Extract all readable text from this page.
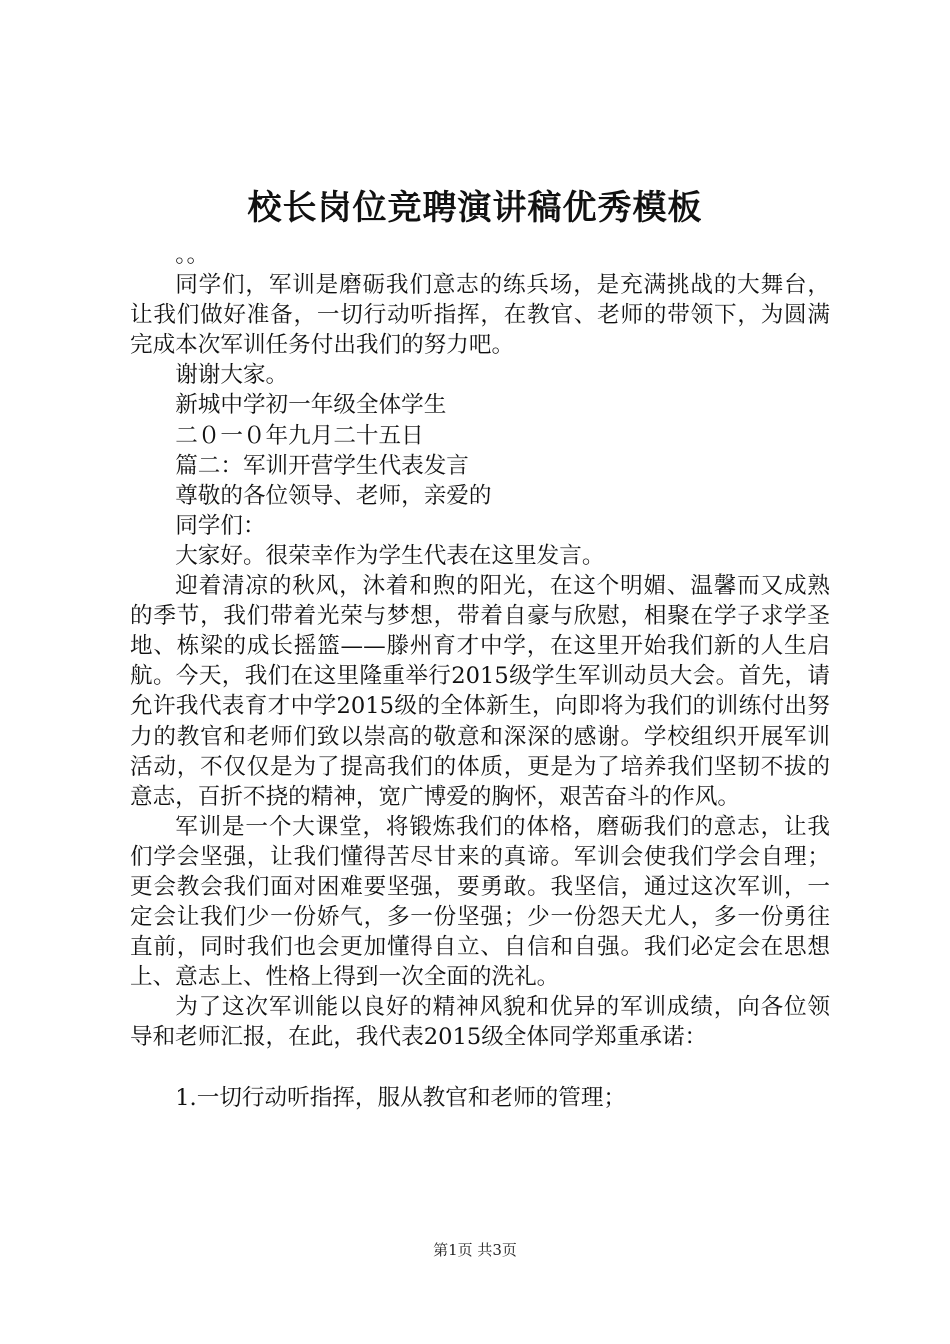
校长岗位竞聘演讲稿优秀模板

。。

同学们，军训是磨砺我们意志的练兵场，是充满挑战的大舞台，让我们做好准备，一切行动听指挥，在教官、老师的带领下，为圆满完成本次军训任务付出我们的努力吧。

谢谢大家。

新城中学初一年级全体学生

二０一０年九月二十五日

篇二：军训开营学生代表发言

尊敬的各位领导、老师，亲爱的

同学们：

大家好。很荣幸作为学生代表在这里发言。

迎着清凉的秋风，沐着和煦的阳光，在这个明媚、温馨而又成熟的季节，我们带着光荣与梦想，带着自豪与欣慰，相聚在学子求学圣地、栋梁的成长摇篮——滕州育才中学，在这里开始我们新的人生启航。今天，我们在这里隆重举行2015级学生军训动员大会。首先，请允许我代表育才中学2015级的全体新生，向即将为我们的训练付出努力的教官和老师们致以崇高的敬意和深深的感谢。学校组织开展军训活动，不仅仅是为了提高我们的体质，更是为了培养我们坚韧不拔的意志，百折不挠的精神，宽广博爱的胸怀，艰苦奋斗的作风。

军训是一个大课堂，将锻炼我们的体格，磨砺我们的意志，让我们学会坚强，让我们懂得苦尽甘来的真谛。军训会使我们学会自理；更会教会我们面对困难要坚强，要勇敢。我坚信，通过这次军训，一定会让我们少一份娇气，多一份坚强；少一份怨天尤人，多一份勇往直前，同时我们也会更加懂得自立、自信和自强。我们必定会在思想上、意志上、性格上得到一次全面的洗礼。

为了这次军训能以良好的精神风貌和优异的军训成绩，向各位领导和老师汇报，在此，我代表2015级全体同学郑重承诺：

1.一切行动听指挥，服从教官和老师的管理；

第1页 共3页
